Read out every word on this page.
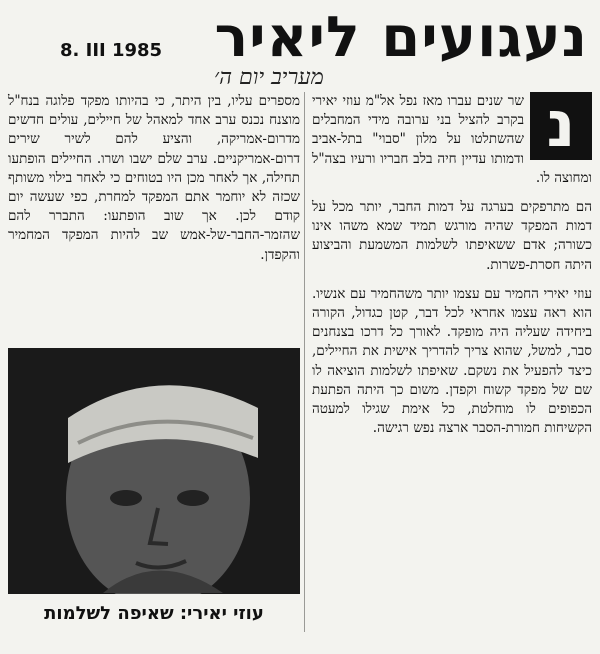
נעגועים ליאיר
8. III 1985
מעריב יום ה׳
נ

שר שנים עברו מאז נפל אל"מ עוזי יאירי בקרב להציל בני ערובה מידי המחבלים שהשתלטו על מלון "סבוי" בתל-אביב ודמותו עדיין חיה בלב חבריו ורעיו בצה"ל ומחוצה לו.

הם מתרפקים בערגה על דמות החבר, יותר מכל על דמות המפקד שהיה מורגש תמיד שמא משהו אינו כשורה; אדם ששאיפתו לשלמות המשמעת והביצוע היתה חסרת-פשרות.

עוזי יאירי החמיר עם עצמו יותר משהחמיר עם אנשיו. הוא ראה עצמו אחראי לכל דבר, קטן כגדול, הקורה ביחידה שעליה היה מופקד. לאורך כל דרכו בצנחנים סבר, למשל, שהוא צריך להדריך אישית את החיילים, כיצד להפעיל את נשקם. שאיפתו לשלמות הוציאה לו שם של מפקד קשוח וקפדן. משום כך היתה הפתעת הכפופים לו מוחלטת, כל אימת שגילו למעטה הקשיחות חמורת-הסבר ארצה נפש רגישה.

מספרים עליו, בין היתר, כי בהיותו מפקד פלוגה בנח"ל מוצנח נכנס ערב אחד למאהל של חיילים, עולים חדשים מדרום-אמריקה, והציע להם לשיר שירים דרום-אמריקניים. ערב שלם ישבו ושרו. החיילים הופתעו תחילה, אך לאחר מכן היו בטוחים כי לאחר בילוי משותף שכזה לא יוחמר אתם המפקד למחרת, כפי שעשה יום קודם לכן. אך שוב הופתעו: התברר להם שהזמר-החבר-של-אמש שב להיות המפקד המחמיר והקפדן.

עוזי יאירי: שאיפה לשלמות
